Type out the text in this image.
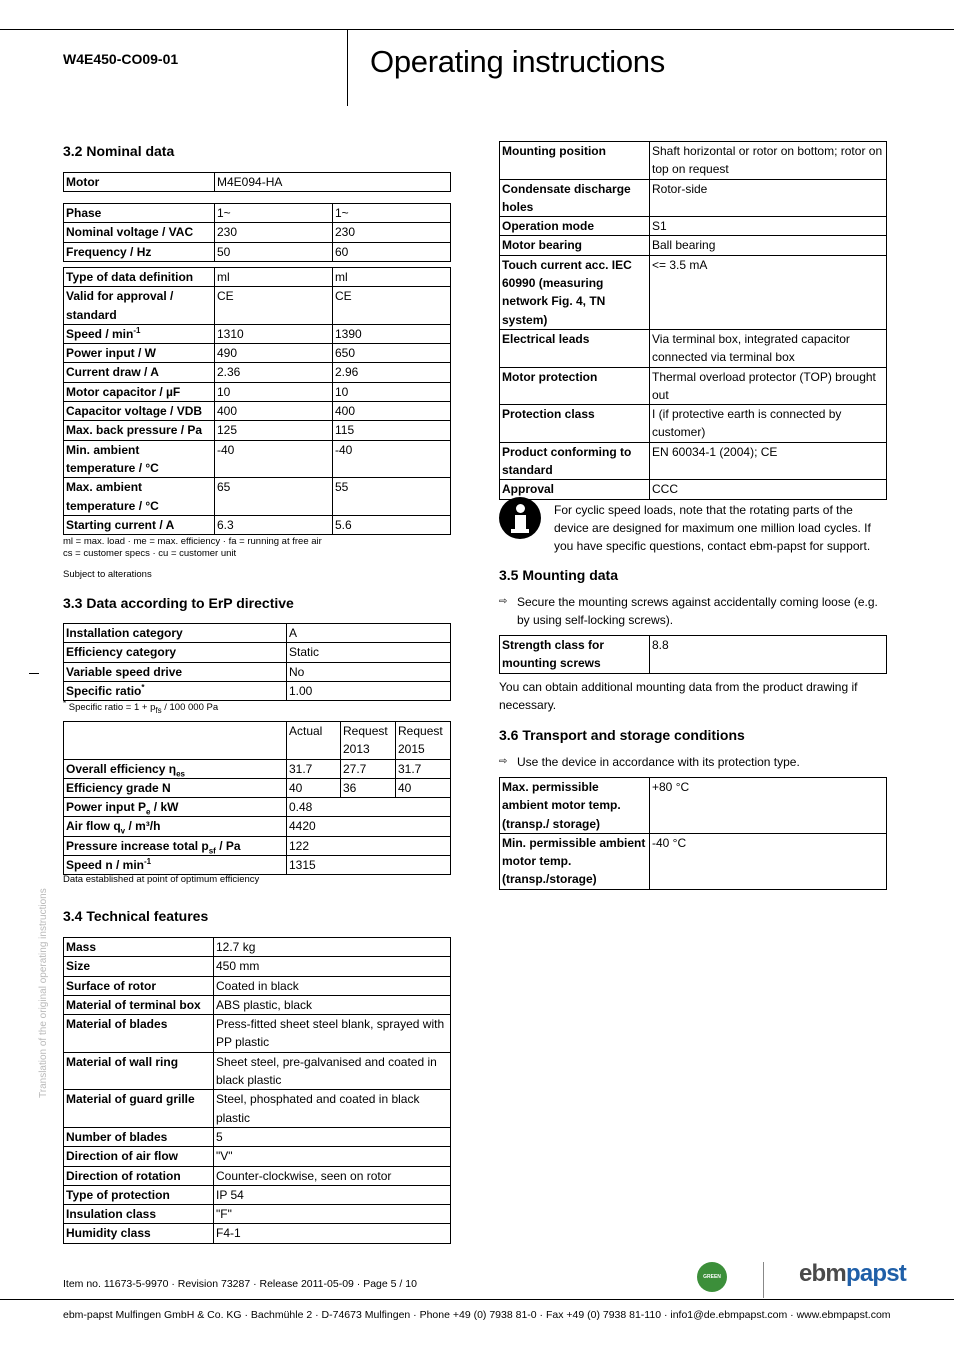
W4E450-CO09-01	Operating instructions
Translation of the original operating instructions
3.2 Nominal data
Motor	M4E094-HA
Phase	1~	1~
Nominal voltage / VAC	230	230
Frequency / Hz	50	60
Type of data definition	ml	ml
Valid for approval / standard	CE	CE
Speed / $\min^{-1}$	1310	1390
Power input / W	490	650
Current draw / A	2.36	2.96
Motor capacitor / µF	10	10
Capacitor voltage / VDB	400	400
Max. back pressure / Pa	125	115
Min. ambient temperature / °C	-40	-40
Max. ambient temperature / °C	65	55
Starting current / A	6.3	5.6
ml = max. load · me = max. efficiency · fa = running at free air
cs = customer specs · cu = customer unit
Subject to alterations
3.3 Data according to ErP directive
Installation category	A
Efficiency category	Static
Variable speed drive	No
Specific ratio*	1.00
* Specific ratio = $1 + p_{fs} / 100$ 000 Pa
	Actual	Request 2013	Request 2015
Overall efficiency $\eta_{es}$	31.7	27.7	31.7
Efficiency grade N	40	36	40
Power input $P_e$ / kW	0.48		
Air flow $q_v / m^3/h$	4420		
Pressure increase total $p_{sf}$ / Pa	122		
Speed n / $\min^{-1}$	1315		
Data established at point of optimum efficiency
3.4 Technical features
Mass	12.7 kg
Size	450 mm
Surface of rotor	Coated in black
Material of terminal box	ABS plastic, black
Material of blades	Press-fitted sheet steel blank, sprayed with PP plastic
Material of wall ring	Sheet steel, pre-galvanised and coated in black plastic
Material of guard grille	Steel, phosphated and coated in black plastic
Number of blades	5
Direction of air flow	"V"
Direction of rotation	Counter-clockwise, seen on rotor
Type of protection	IP 54
Insulation class	"F"
Humidity class	F4-1
Mounting position	Shaft horizontal or rotor on bottom; rotor on top on request
Condensate discharge holes	Rotor-side
Operation mode	S1
Motor bearing	Ball bearing
Touch current acc. IEC 60990 (measuring network Fig. 4, TN system)	<= 3.5 mA
Electrical leads	Via terminal box, integrated capacitor connected via terminal box
Motor protection	Thermal overload protector (TOP) brought out
Protection class	I (if protective earth is connected by customer)
Product conforming to standard	EN 60034-1 (2004); CE
Approval	CCC
For cyclic speed loads, note that the rotating parts of the device are designed for maximum one million load cycles. If you have specific questions, contact ebm-papst for support.
3.5 Mounting data
⇨ Secure the mounting screws against accidentally coming loose (e.g. by using self-locking screws).
Strength class for mounting screws	8.8
You can obtain additional mounting data from the product drawing if necessary.
3.6 Transport and storage conditions
⇨ Use the device in accordance with its protection type.
Max. permissible ambient motor temp. (transp./ storage)	+80 °C
Min. permissible ambient motor temp. (transp./storage)	-40 °C
Item no. 11673-5-9970 · Revision 73287 · Release 2011-05-09 · Page 5 / 10
GREEN TECH
ebmpapst
ebm-papst Mulfingen GmbH & Co. KG · Bachmühle 2 · D-74673 Mulfingen · Phone +49 (0) 7938 81-0 · Fax +49 (0) 7938 81-110 · info1@de.ebmpapst.com · www.ebmpapst.com
